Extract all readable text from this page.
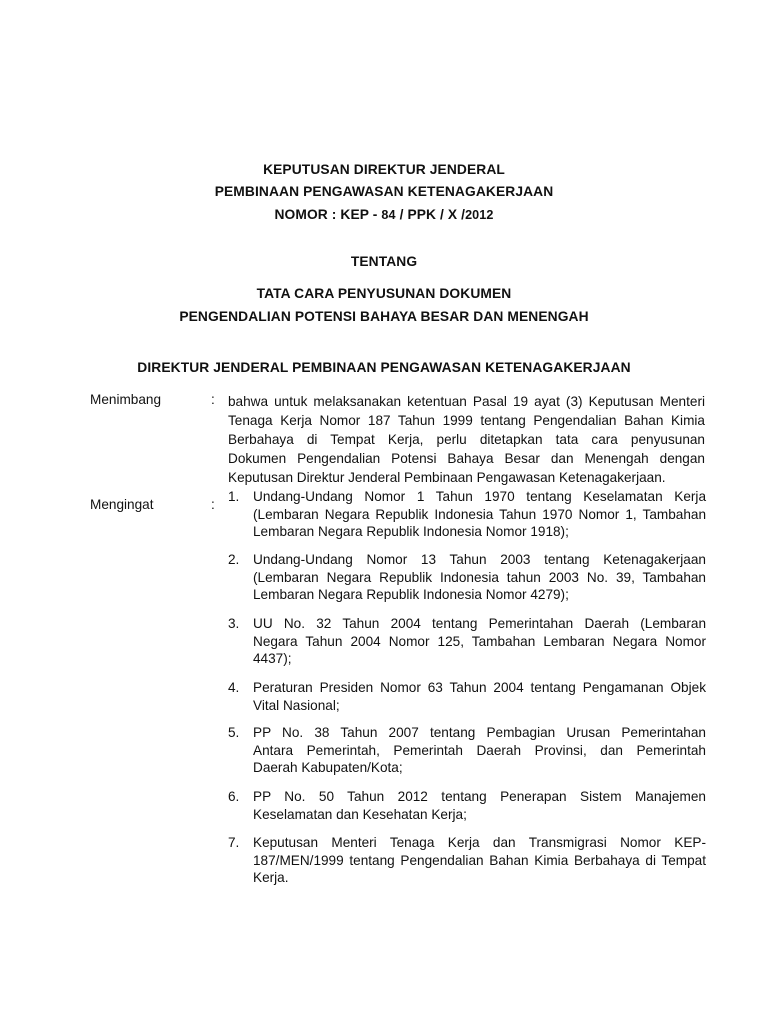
KEPUTUSAN DIREKTUR JENDERAL
PEMBINAAN PENGAWASAN KETENAGAKERJAAN
NOMOR : KEP - 84 / PPK / X /2012
TENTANG
TATA CARA PENYUSUNAN DOKUMEN
PENGENDALIAN POTENSI BAHAYA BESAR DAN MENENGAH
DIREKTUR JENDERAL PEMBINAAN PENGAWASAN KETENAGAKERJAAN
Menimbang	: bahwa untuk melaksanakan ketentuan Pasal 19 ayat (3) Keputusan Menteri
Tenaga Kerja Nomor 187 Tahun 1999 tentang Pengendalian Bahan Kimia
Berbahaya di Tempat Kerja, perlu ditetapkan tata cara penyusunan
Dokumen Pengendalian Potensi Bahaya Besar dan Menengah dengan
Keputusan Direktur Jenderal Pembinaan Pengawasan Ketenagakerjaan.
Mengingat	:
1. Undang-Undang Nomor 1 Tahun 1970 tentang Keselamatan Kerja
(Lembaran Negara Republik Indonesia Tahun 1970 Nomor 1, Tambahan
Lembaran Negara Republik Indonesia Nomor 1918);
2. Undang-Undang Nomor 13 Tahun 2003 tentang Ketenagakerjaan
(Lembaran Negara Republik Indonesia tahun 2003 No. 39, Tambahan
Lembaran Negara Republik Indonesia Nomor 4279);
3. UU No. 32 Tahun 2004 tentang Pemerintahan Daerah (Lembaran
Negara Tahun 2004 Nomor 125, Tambahan Lembaran Negara Nomor
4437);
4. Peraturan Presiden Nomor 63 Tahun 2004 tentang Pengamanan Objek
Vital Nasional;
5. PP No. 38 Tahun 2007 tentang Pembagian Urusan Pemerintahan
Antara Pemerintah, Pemerintah Daerah Provinsi, dan Pemerintah
Daerah Kabupaten/Kota;
6. PP No. 50 Tahun 2012 tentang Penerapan Sistem Manajemen
Keselamatan dan Kesehatan Kerja;
7. Keputusan Menteri Tenaga Kerja dan Transmigrasi Nomor KEP-
187/MEN/1999 tentang Pengendalian Bahan Kimia Berbahaya di Tempat
Kerja.
